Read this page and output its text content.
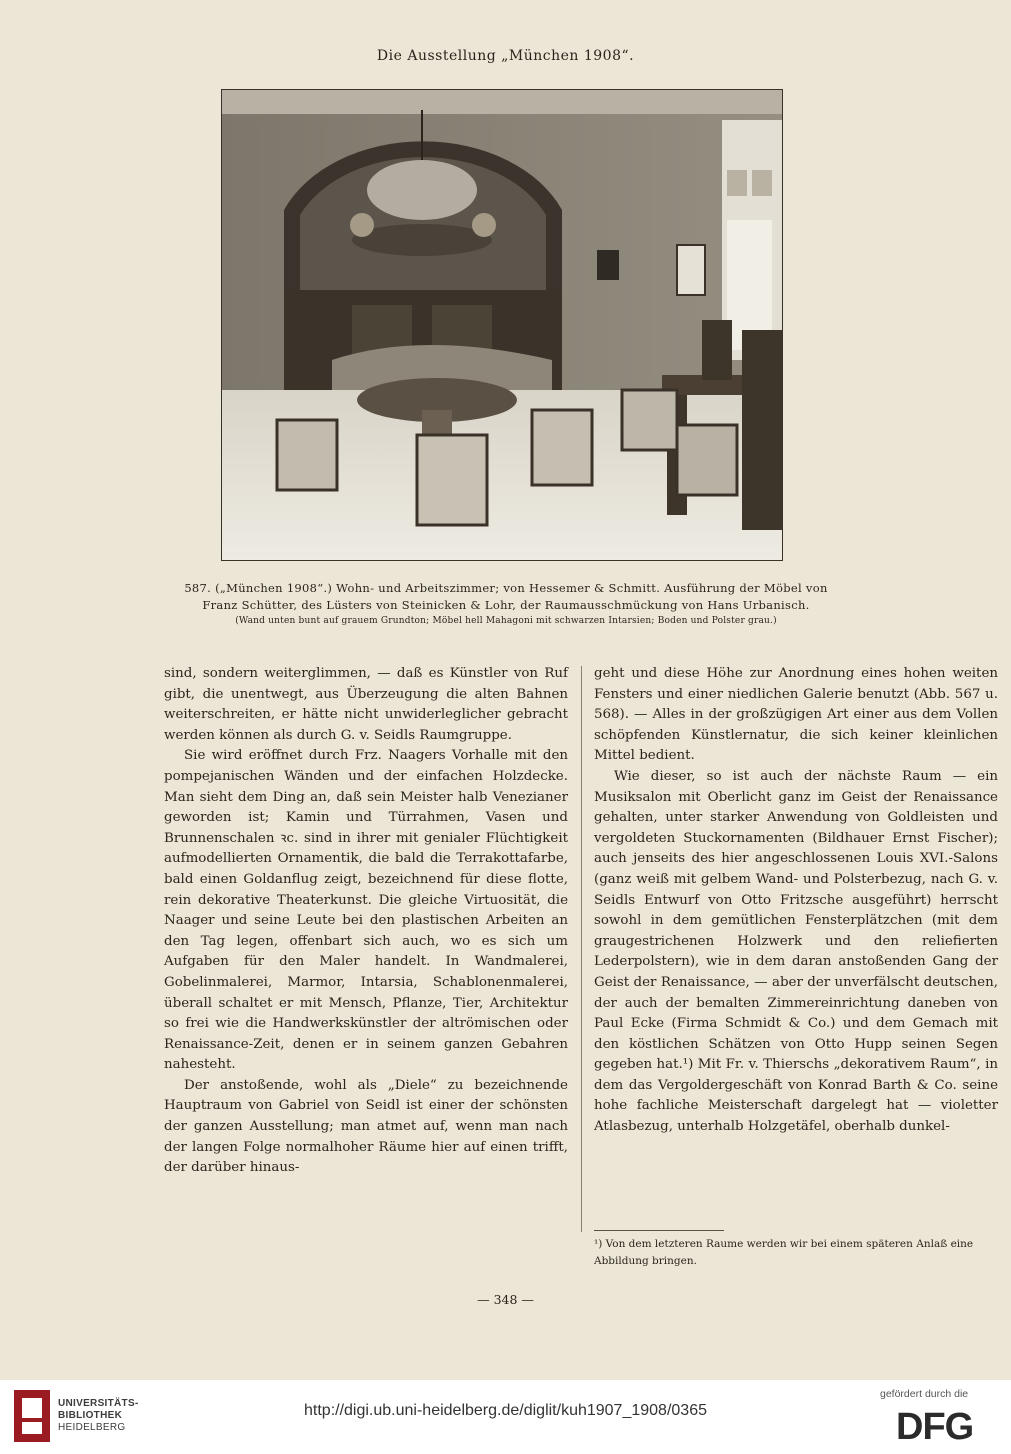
Die Ausstellung „München 1908“.
587. („München 1908“.) Wohn- und Arbeitszimmer; von Hessemer & Schmitt. Ausführung der Möbel von
Franz Schütter, des Lüsters von Steinicken & Lohr, der Raumausschmückung von Hans Urbanisch.
(Wand unten bunt auf grauem Grundton; Möbel hell Mahagoni mit schwarzen Intarsien; Boden und Polster grau.)

sind, sondern weiterglimmen, — daß es Künstler von Ruf gibt, die unentwegt, aus Überzeugung die alten Bahnen weiterschreiten, er hätte nicht unwiderleglicher gebracht werden können als durch G. v. Seidls Raumgruppe.

Sie wird eröffnet durch Frz. Naagers Vorhalle mit den pompejanischen Wänden und der einfachen Holzdecke. Man sieht dem Ding an, daß sein Meister halb Venezianer geworden ist; Kamin und Türrahmen, Vasen und Brunnenschalen ꝛc. sind in ihrer mit genialer Flüchtigkeit aufmodellierten Ornamentik, die bald die Terrakottafarbe, bald einen Goldanflug zeigt, bezeichnend für diese flotte, rein dekorative Theaterkunst. Die gleiche Virtuosität, die Naager und seine Leute bei den plastischen Arbeiten an den Tag legen, offenbart sich auch, wo es sich um Aufgaben für den Maler handelt. In Wandmalerei, Gobelinmalerei, Marmor, Intarsia, Schablonenmalerei, überall schaltet er mit Mensch, Pflanze, Tier, Architektur so frei wie die Handwerkskünstler der altrömischen oder Renaissance-Zeit, denen er in seinem ganzen Gebahren nahesteht.

Der anstoßende, wohl als „Diele“ zu bezeichnende Hauptraum von Gabriel von Seidl ist einer der schönsten der ganzen Ausstellung; man atmet auf, wenn man nach der langen Folge normalhoher Räume hier auf einen trifft, der darüber hinaus-

geht und diese Höhe zur Anordnung eines hohen weiten Fensters und einer niedlichen Galerie benutzt (Abb. 567 u. 568). — Alles in der großzügigen Art einer aus dem Vollen schöpfenden Künstlernatur, die sich keiner kleinlichen Mittel bedient.

Wie dieser, so ist auch der nächste Raum — ein Musiksalon mit Oberlicht ganz im Geist der Renaissance gehalten, unter starker Anwendung von Goldleisten und vergoldeten Stuckornamenten (Bildhauer Ernst Fischer); auch jenseits des hier angeschlossenen Louis XVI.-Salons (ganz weiß mit gelbem Wand- und Polsterbezug, nach G. v. Seidls Entwurf von Otto Fritzsche ausgeführt) herrscht sowohl in dem gemütlichen Fensterplätzchen (mit dem graugestrichenen Holzwerk und den reliefierten Lederpolstern), wie in dem daran anstoßenden Gang der Geist der Renaissance, — aber der unverfälscht deutschen, der auch der bemalten Zimmereinrichtung daneben von Paul Ecke (Firma Schmidt & Co.) und dem Gemach mit den köstlichen Schätzen von Otto Hupp seinen Segen gegeben hat.¹) Mit Fr. v. Thierschs „dekorativem Raum“, in dem das Vergoldergeschäft von Konrad Barth & Co. seine hohe fachliche Meisterschaft dargelegt hat — violetter Atlasbezug, unterhalb Holzgetäfel, oberhalb dunkel-

¹) Von dem letzteren Raume werden wir bei einem späteren Anlaß eine Abbildung bringen.
— 348 —
UNIVERSITÄTS-
BIBLIOTHEK
HEIDELBERG
http://digi.ub.uni-heidelberg.de/diglit/kuh1907_1908/0365
gefördert durch die
DFG
